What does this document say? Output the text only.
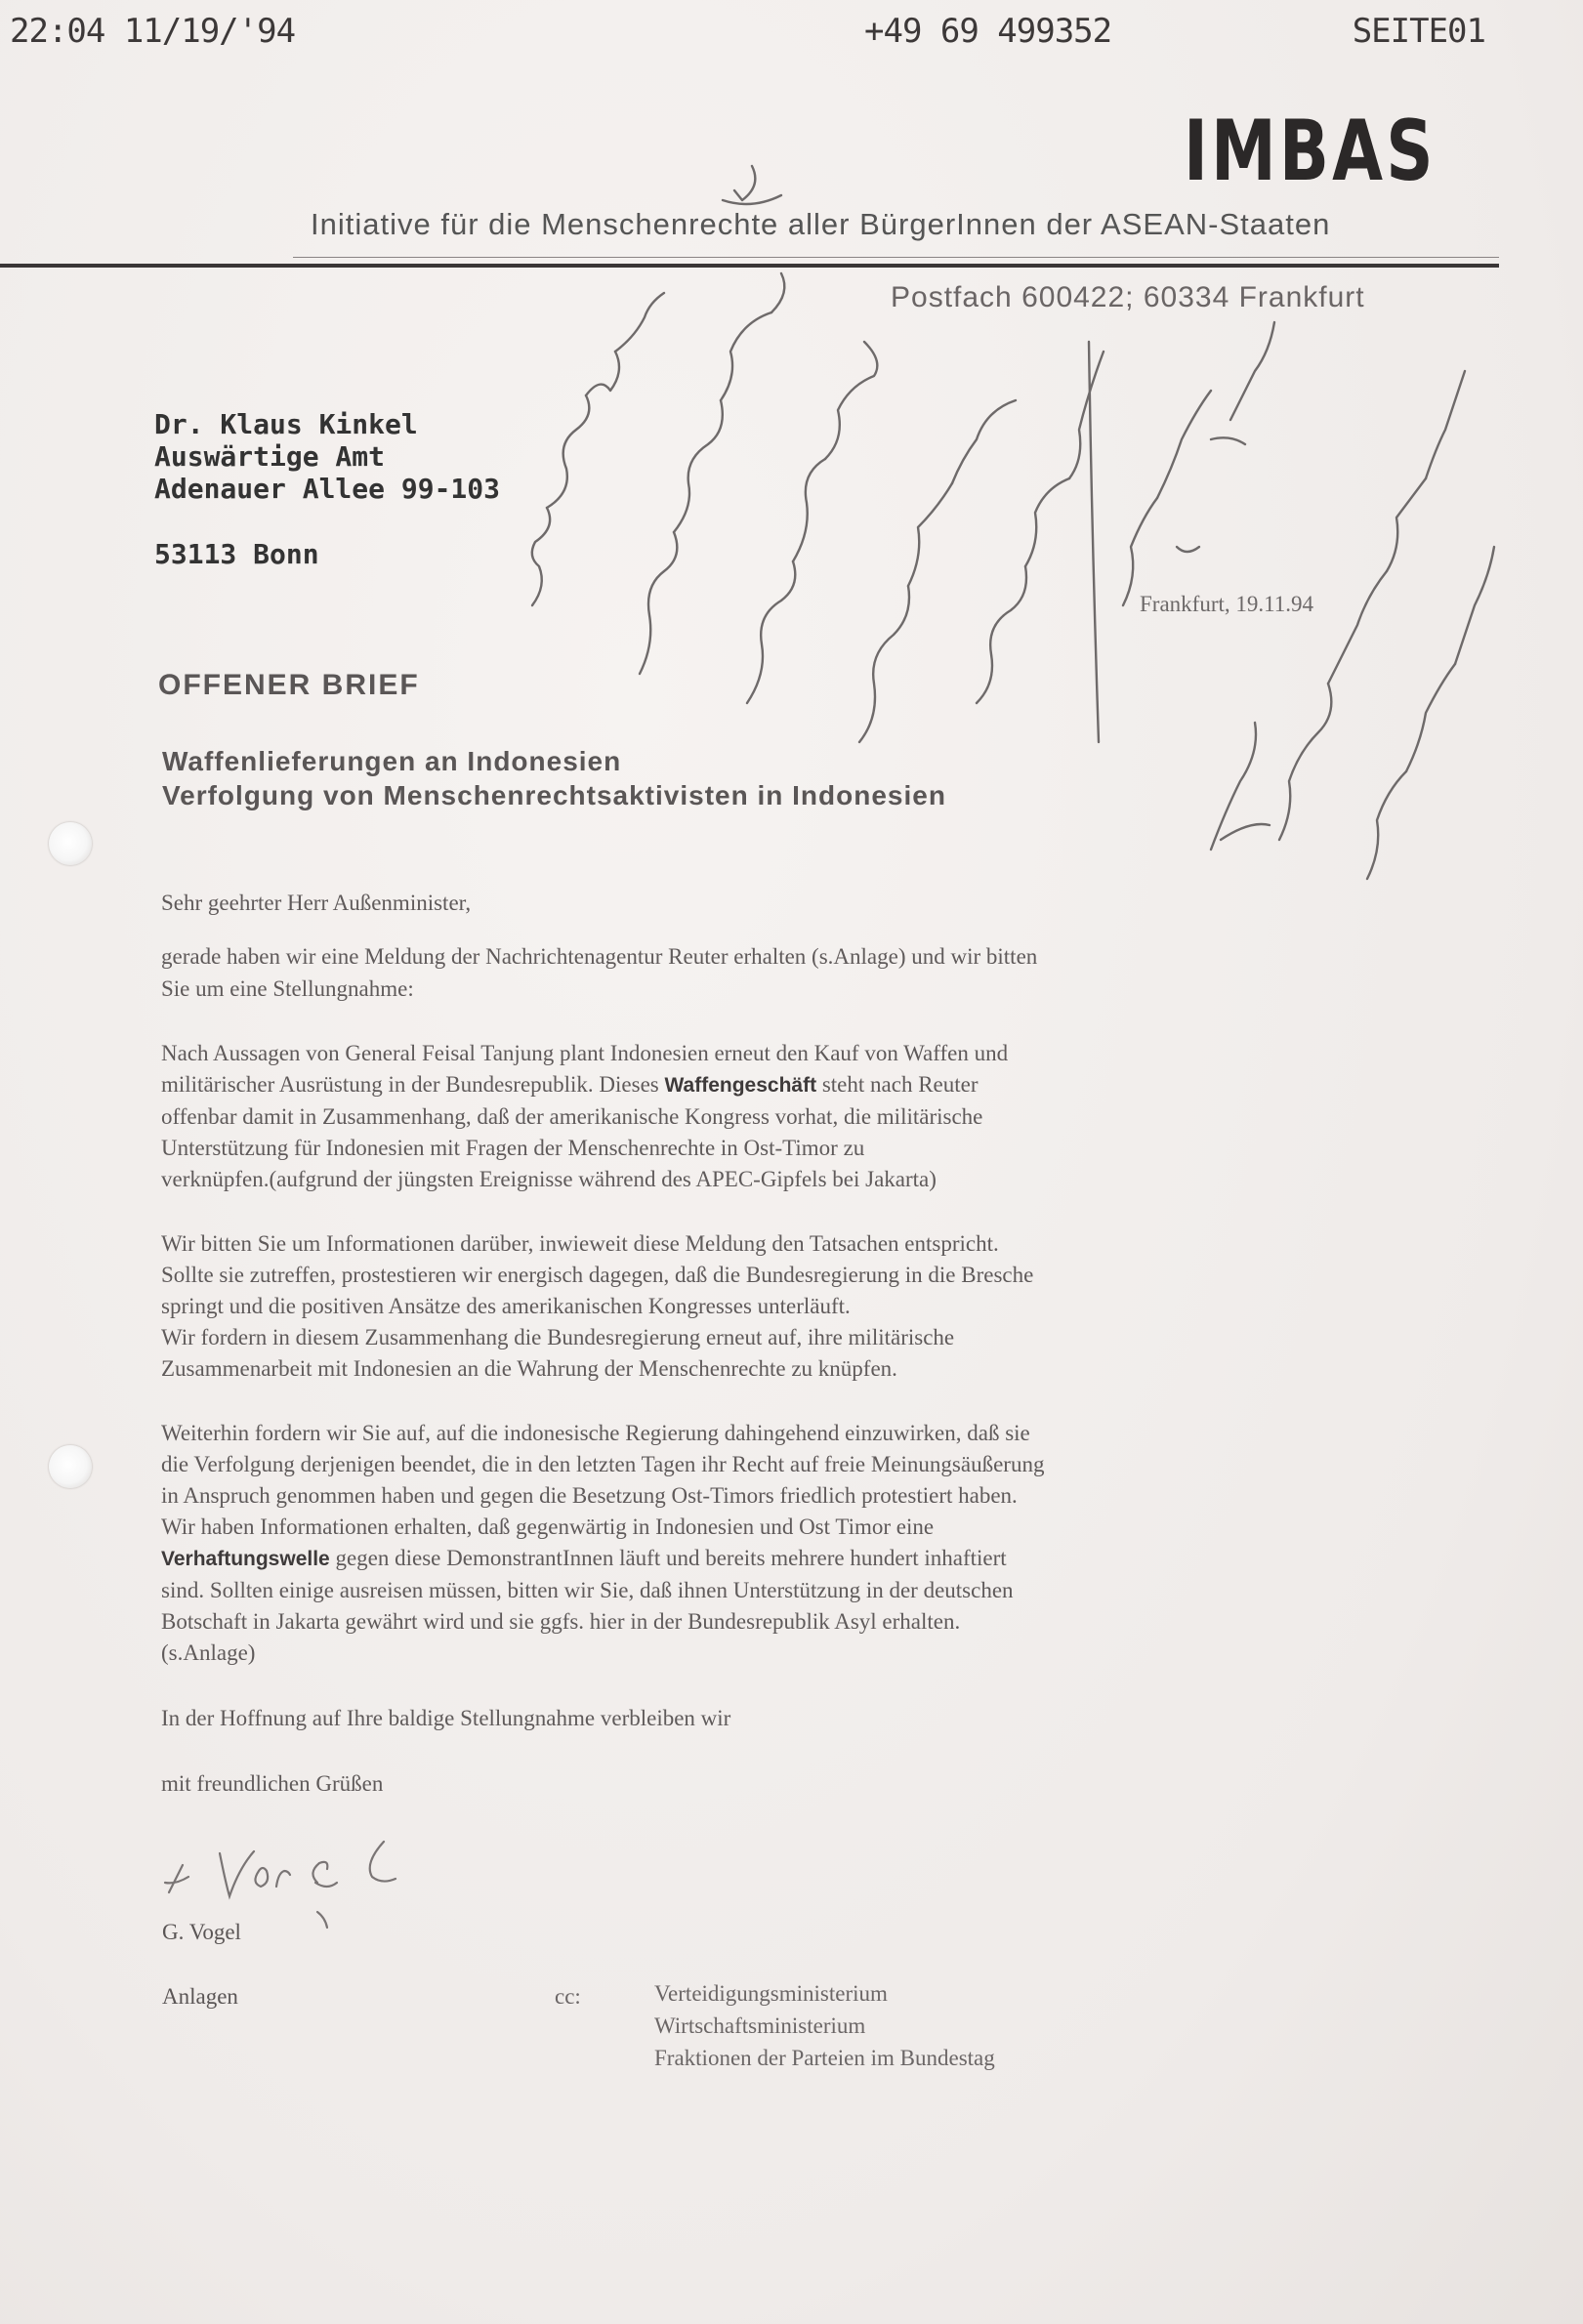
22:04 11/19/'94	+49 69 499352	SEITE01
IMBAS
Initiative für die Menschenrechte aller BürgerInnen der ASEAN-Staaten
Postfach 600422; 60334 Frankfurt
Dr. Klaus Kinkel
Auswärtige Amt
Adenauer Allee 99-103
53113 Bonn
Frankfurt, 19.11.94
OFFENER BRIEF
Waffenlieferungen an Indonesien
Verfolgung von Menschenrechtsaktivisten in Indonesien

Sehr geehrter Herr Außenminister,

gerade haben wir eine Meldung der Nachrichtenagentur Reuter erhalten (s.Anlage) und wir bitten

Sie um eine Stellungnahme:

Nach Aussagen von General Feisal Tanjung plant Indonesien erneut den Kauf von Waffen und

militärischer Ausrüstung in der Bundesrepublik. Dieses Waffengeschäft steht nach Reuter

offenbar damit in Zusammenhang, daß der amerikanische Kongress vorhat, die militärische

Unterstützung für Indonesien mit Fragen der Menschenrechte in Ost-Timor zu

verknüpfen.(aufgrund der jüngsten Ereignisse während des APEC-Gipfels bei Jakarta)

Wir bitten Sie um Informationen darüber, inwieweit diese Meldung den Tatsachen entspricht.

Sollte sie zutreffen, prostestieren wir energisch dagegen, daß die Bundesregierung in die Bresche

springt und die positiven Ansätze des amerikanischen Kongresses unterläuft.

Wir fordern in diesem Zusammenhang die Bundesregierung erneut auf, ihre militärische

Zusammenarbeit mit Indonesien an die Wahrung der Menschenrechte zu knüpfen.

Weiterhin fordern wir Sie auf, auf die indonesische Regierung dahingehend einzuwirken, daß sie

die Verfolgung derjenigen beendet, die in den letzten Tagen ihr Recht auf freie Meinungsäußerung

in Anspruch genommen haben und gegen die Besetzung Ost-Timors friedlich protestiert haben.

Wir haben Informationen erhalten, daß gegenwärtig in Indonesien und Ost Timor eine

Verhaftungswelle gegen diese DemonstrantInnen läuft und bereits mehrere hundert inhaftiert

sind. Sollten einige ausreisen müssen, bitten wir Sie, daß ihnen Unterstützung in der deutschen

Botschaft in Jakarta gewährt wird und sie ggfs. hier in der Bundesrepublik Asyl erhalten.

(s.Anlage)

In der Hoffnung auf Ihre baldige Stellungnahme verbleiben wir

mit freundlichen Grüßen

G. Vogel
Anlagen	cc:	Verteidigungsministerium
Wirtschaftsministerium
Fraktionen der Parteien im Bundestag
